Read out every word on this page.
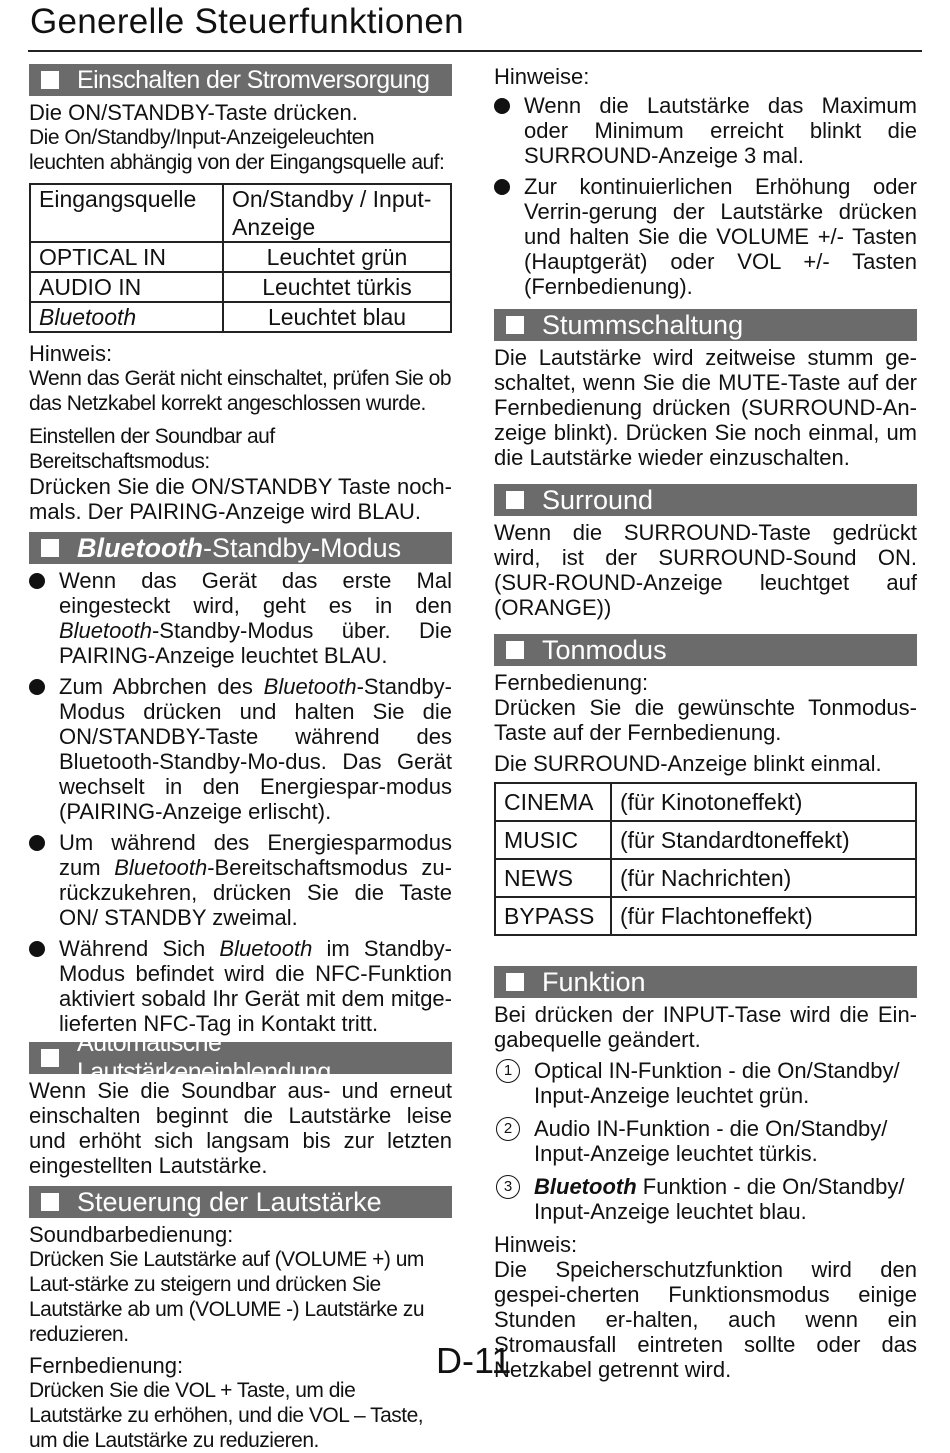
Generelle Steuerfunktionen
Einschalten der Stromversorgung

Die ON/STANDBY-Taste drücken.

Die On/Standby/Input-Anzeigeleuchten leuchten abhängig von der Eingangsquelle auf:

Eingangsquelle	On/Standby / Input-Anzeige
OPTICAL IN	Leuchtet grün
AUDIO IN	Leuchtet türkis
Bluetooth	Leuchtet blau

Hinweis:

Wenn das Gerät nicht einschaltet, prüfen Sie ob das Netzkabel korrekt angeschlossen wurde.

Einstellen der Soundbar auf Bereitschaftsmodus:

Drücken Sie die ON/STANDBY Taste noch-mals. Der PAIRING-Anzeige wird BLAU.

Bluetooth-Standby-Modus
Wenn das Gerät das erste Mal eingesteckt wird, geht es in den Bluetooth-Standby-Modus über. Die PAIRING-Anzeige leuchtet BLAU.
Zum Abbrchen des Bluetooth-Standby-Modus drücken und halten Sie die ON/STANDBY-Taste während des Bluetooth-Standby-Mo-dus. Das Gerät wechselt in den Energiespar-modus (PAIRING-Anzeige erlischt).
Um während des Energiesparmodus zum Bluetooth-Bereitschaftsmodus zu-rückzukehren, drücken Sie die Taste ON/ STANDBY zweimal.
Während Sich Bluetooth im Standby-Modus befindet wird die NFC-Funktion aktiviert sobald Ihr Gerät mit dem mitge-lieferten NFC-Tag in Kontakt tritt.
Automatische Lautstärkeneinblendung

Wenn Sie die Soundbar aus- und erneut einschalten beginnt die Lautstärke leise und erhöht sich langsam bis zur letzten eingestellten Lautstärke.

Steuerung der Lautstärke

Soundbarbedienung:

Drücken Sie Lautstärke auf (VOLUME +) um Laut-stärke zu steigern und drücken Sie Lautstärke ab um (VOLUME -) Lautstärke zu reduzieren.

Fernbedienung:

Drücken Sie die VOL + Taste, um die Lautstärke zu erhöhen, und die VOL – Taste, um die Lautstärke zu reduzieren.

Hinweise:

Wenn die Lautstärke das Maximum oder Minimum erreicht blinkt die SURROUND-Anzeige 3 mal.
Zur kontinuierlichen Erhöhung oder Verrin-gerung der Lautstärke drücken und halten Sie die VOLUME +/- Tasten (Hauptgerät) oder VOL +/- Tasten (Fernbedienung).
Stummschaltung

Die Lautstärke wird zeitweise stumm ge-schaltet, wenn Sie die MUTE-Taste auf der Fernbedienung drücken (SURROUND-An-zeige blinkt). Drücken Sie noch einmal, um die Lautstärke wieder einzuschalten.

Surround

Wenn die SURROUND-Taste gedrückt wird, ist der SURROUND-Sound ON. (SUR-ROUND-Anzeige leuchtget auf (ORANGE))

Tonmodus

Fernbedienung:

Drücken Sie die gewünschte Tonmodus-Taste auf der Fernbedienung.

Die SURROUND-Anzeige blinkt einmal.

CINEMA	(für Kinotoneffekt)
MUSIC	(für Standardtoneffekt)
NEWS	(für Nachrichten)
BYPASS	(für Flachtoneffekt)
Funktion

Bei drücken der INPUT-Tase wird die Ein-gabequelle geändert.

1 Optical IN-Funktion - die On/Standby/ Input-Anzeige leuchtet grün.
2 Audio IN-Funktion - die On/Standby/ Input-Anzeige leuchtet türkis.
3 Bluetooth Funktion - die On/Standby/ Input-Anzeige leuchtet blau.

Hinweis:

Die Speicherschutzfunktion wird den gespei-cherten Funktionsmodus einige Stunden er-halten, auch wenn ein Stromausfall eintreten sollte oder das Netzkabel getrennt wird.

D-11
